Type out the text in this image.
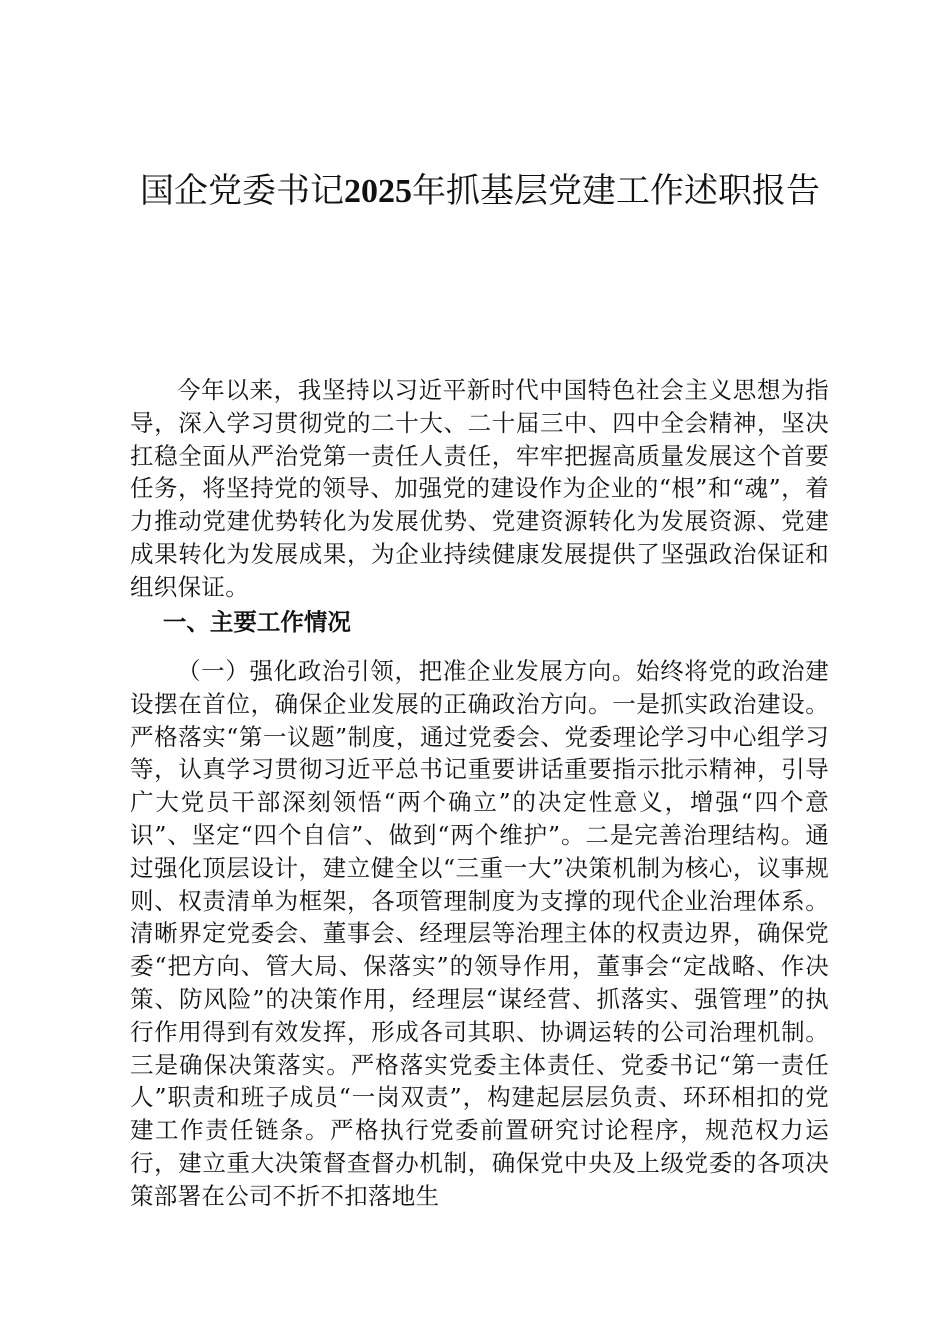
国企党委书记2025年抓基层党建工作述职报告

今年以来，我坚持以习近平新时代中国特色社会主义思想为指导，深入学习贯彻党的二十大、二十届三中、四中全会精神，坚决扛稳全面从严治党第一责任人责任，牢牢把握高质量发展这个首要任务，将坚持党的领导、加强党的建设作为企业的“根”和“魂”，着力推动党建优势转化为发展优势、党建资源转化为发展资源、党建成果转化为发展成果，为企业持续健康发展提供了坚强政治保证和组织保证。

一、主要工作情况

（一）强化政治引领，把准企业发展方向。始终将党的政治建设摆在首位，确保企业发展的正确政治方向。一是抓实政治建设。严格落实“第一议题”制度，通过党委会、党委理论学习中心组学习等，认真学习贯彻习近平总书记重要讲话重要指示批示精神，引导广大党员干部深刻领悟“两个确立”的决定性意义，增强“四个意识”、坚定“四个自信”、做到“两个维护”。二是完善治理结构。通过强化顶层设计，建立健全以“三重一大”决策机制为核心，议事规则、权责清单为框架，各项管理制度为支撑的现代企业治理体系。清晰界定党委会、董事会、经理层等治理主体的权责边界，确保党委“把方向、管大局、保落实”的领导作用，董事会“定战略、作决策、防风险”的决策作用，经理层“谋经营、抓落实、强管理”的执行作用得到有效发挥，形成各司其职、协调运转的公司治理机制。三是确保决策落实。严格落实党委主体责任、党委书记“第一责任人”职责和班子成员“一岗双责”，构建起层层负责、环环相扣的党建工作责任链条。严格执行党委前置研究讨论程序，规范权力运行，建立重大决策督查督办机制，确保党中央及上级党委的各项决策部署在公司不折不扣落地生
